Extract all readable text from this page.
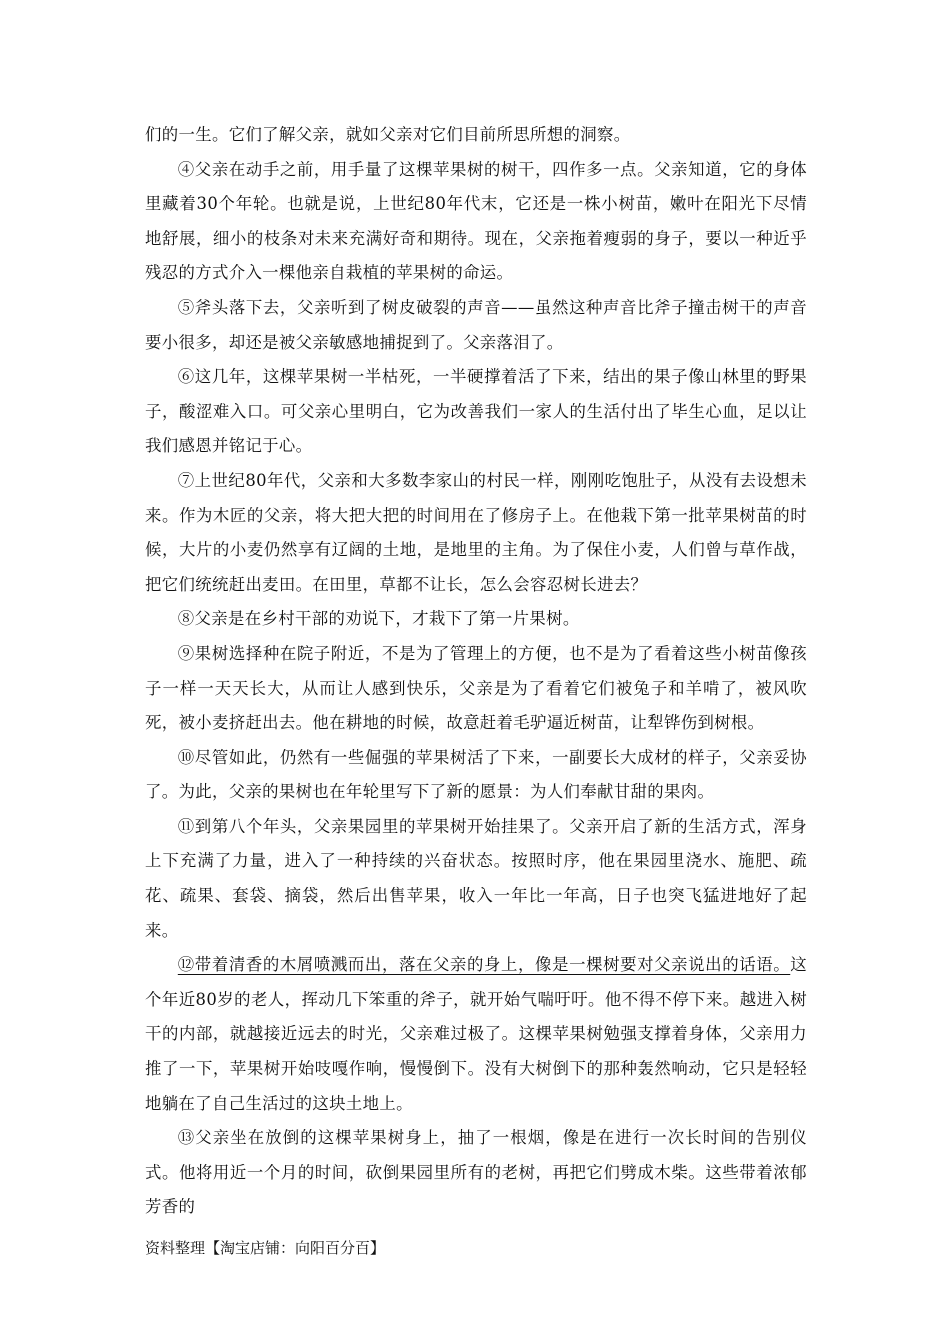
们的一生。它们了解父亲，就如父亲对它们目前所思所想的洞察。

④父亲在动手之前，用手量了这棵苹果树的树干，四作多一点。父亲知道，它的身体里藏着30个年轮。也就是说，上世纪80年代末，它还是一株小树苗，嫩叶在阳光下尽情地舒展，细小的枝条对未来充满好奇和期待。现在，父亲拖着瘦弱的身子，要以一种近乎残忍的方式介入一棵他亲自栽植的苹果树的命运。

⑤斧头落下去，父亲听到了树皮破裂的声音——虽然这种声音比斧子撞击树干的声音要小很多，却还是被父亲敏感地捕捉到了。父亲落泪了。

⑥这几年，这棵苹果树一半枯死，一半硬撑着活了下来，结出的果子像山林里的野果子，酸涩难入口。可父亲心里明白，它为改善我们一家人的生活付出了毕生心血，足以让我们感恩并铭记于心。

⑦上世纪80年代，父亲和大多数李家山的村民一样，刚刚吃饱肚子，从没有去设想未来。作为木匠的父亲，将大把大把的时间用在了修房子上。在他栽下第一批苹果树苗的时候，大片的小麦仍然享有辽阔的土地，是地里的主角。为了保住小麦，人们曾与草作战，把它们统统赶出麦田。在田里，草都不让长，怎么会容忍树长进去？

⑧父亲是在乡村干部的劝说下，才栽下了第一片果树。

⑨果树选择种在院子附近，不是为了管理上的方便，也不是为了看着这些小树苗像孩子一样一天天长大，从而让人感到快乐，父亲是为了看着它们被兔子和羊啃了，被风吹死，被小麦挤赶出去。他在耕地的时候，故意赶着毛驴逼近树苗，让犁铧伤到树根。

⑩尽管如此，仍然有一些倔强的苹果树活了下来，一副要长大成材的样子，父亲妥协了。为此，父亲的果树也在年轮里写下了新的愿景：为人们奉献甘甜的果肉。

⑪到第八个年头，父亲果园里的苹果树开始挂果了。父亲开启了新的生活方式，浑身上下充满了力量，进入了一种持续的兴奋状态。按照时序，他在果园里浇水、施肥、疏花、疏果、套袋、摘袋，然后出售苹果，收入一年比一年高，日子也突飞猛进地好了起来。

⑫带着清香的木屑喷溅而出，落在父亲的身上，像是一棵树要对父亲说出的话语。这个年近80岁的老人，挥动几下笨重的斧子，就开始气喘吁吁。他不得不停下来。越进入树干的内部，就越接近远去的时光，父亲难过极了。这棵苹果树勉强支撑着身体，父亲用力推了一下，苹果树开始吱嘎作响，慢慢倒下。没有大树倒下的那种轰然响动，它只是轻轻地躺在了自己生活过的这块土地上。

⑬父亲坐在放倒的这棵苹果树身上，抽了一根烟，像是在进行一次长时间的告别仪式。他将用近一个月的时间，砍倒果园里所有的老树，再把它们劈成木柴。这些带着浓郁芳香的

资料整理【淘宝店铺：向阳百分百】
